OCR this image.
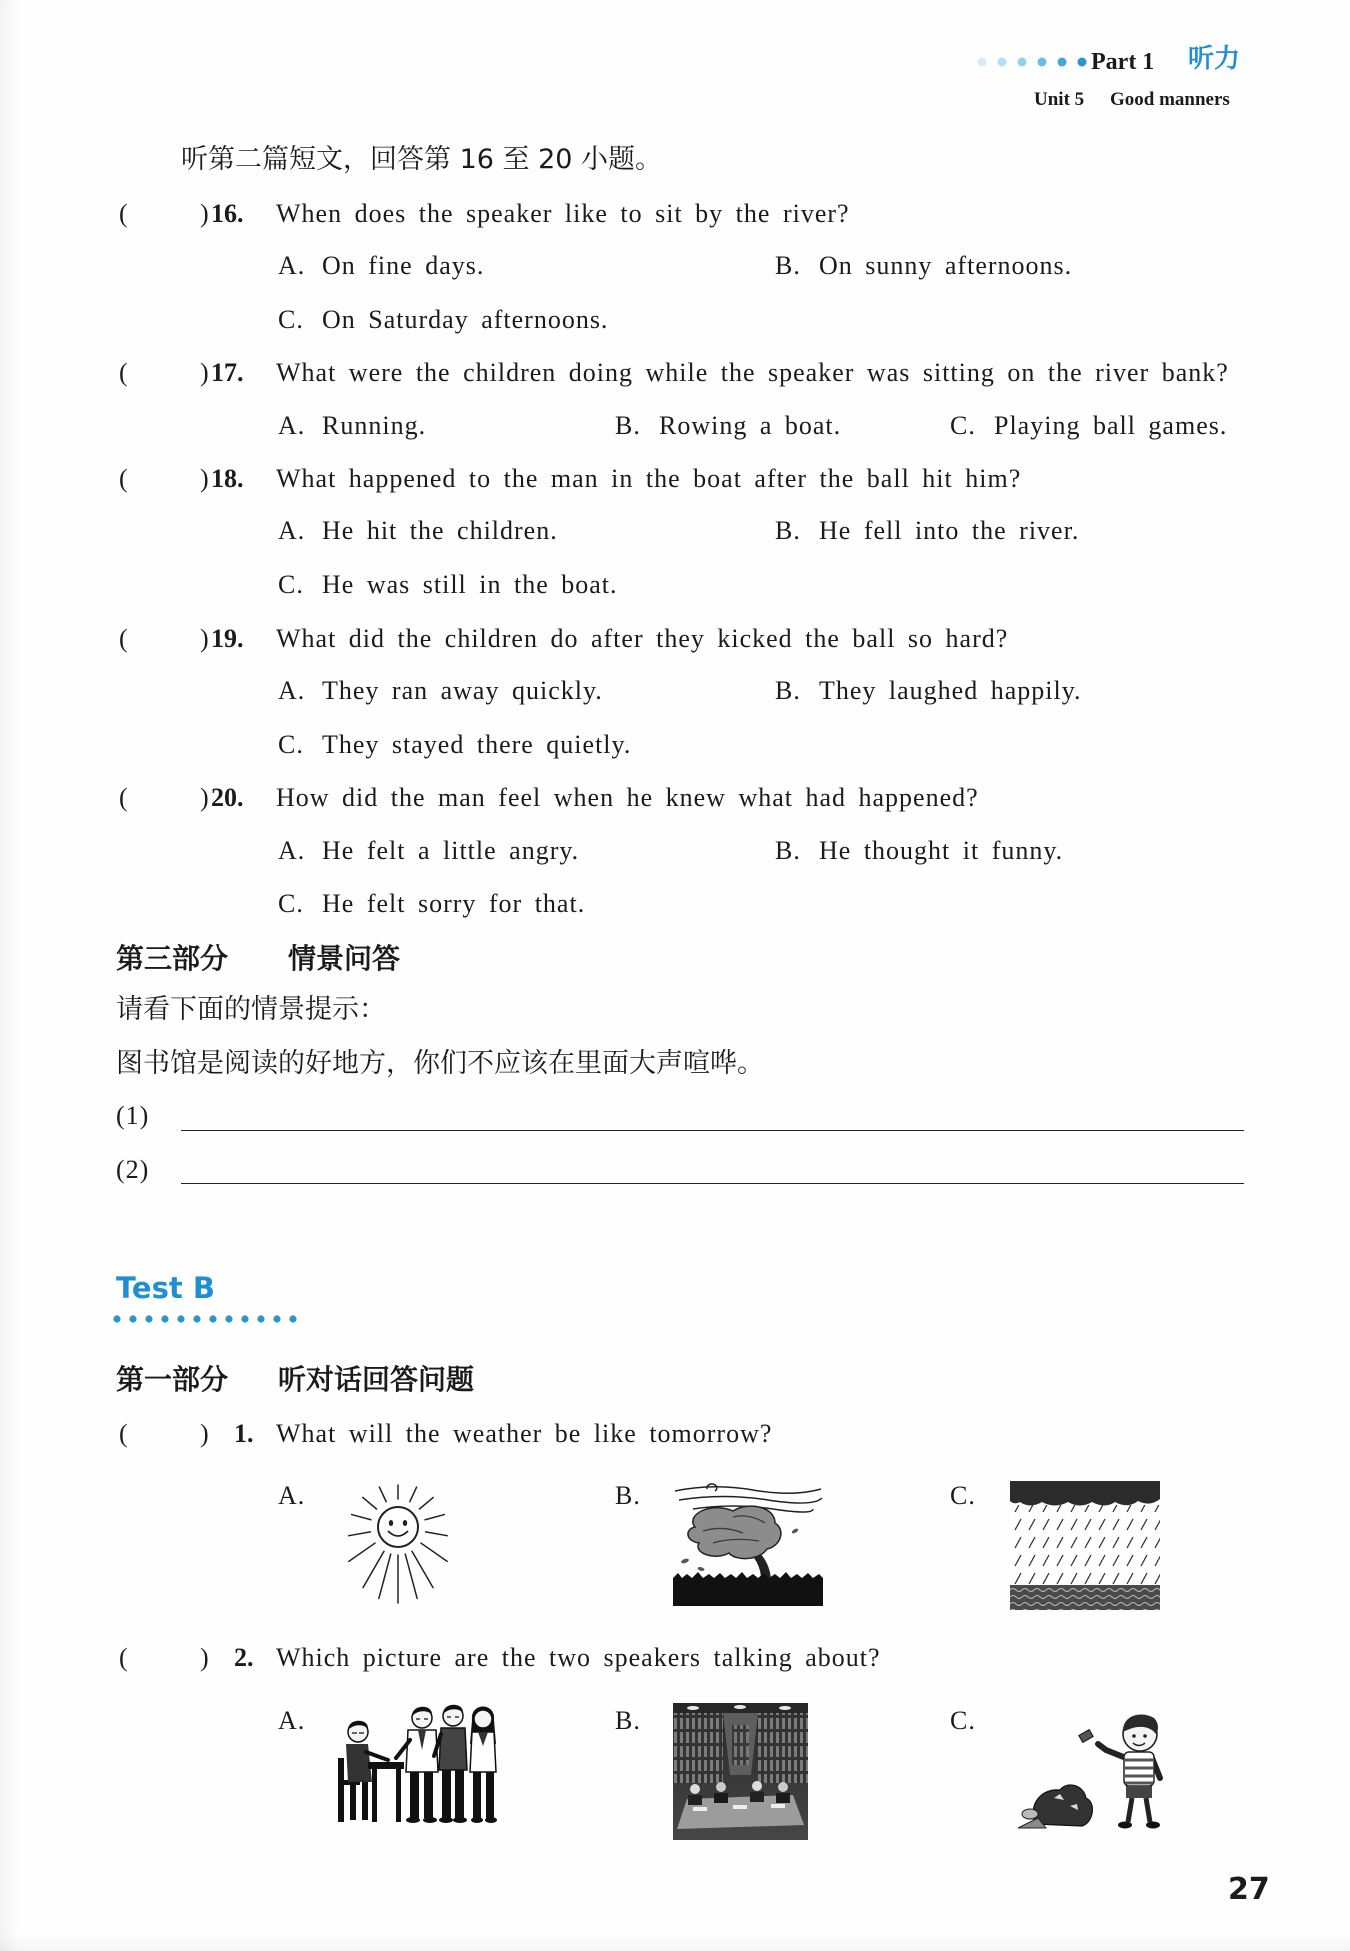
Part 1 听力
Unit 5 Good manners
听第二篇短文，回答第 16 至 20 小题。
(	) 16. When does the speaker like to sit by the river?
A. On fine days.	B. On sunny afternoons.
C. On Saturday afternoons.
(	) 17. What were the children doing while the speaker was sitting on the river bank?
A. Running.	B. Rowing a boat.	C. Playing ball games.
(	) 18. What happened to the man in the boat after the ball hit him?
A. He hit the children.	B. He fell into the river.
C. He was still in the boat.
(	) 19. What did the children do after they kicked the ball so hard?
A. They ran away quickly.	B. They laughed happily.
C. They stayed there quietly.
(	) 20. How did the man feel when he knew what had happened?
A. He felt a little angry.	B. He thought it funny.
C. He felt sorry for that.
第三部分 情景问答
请看下面的情景提示：
图书馆是阅读的好地方，你们不应该在里面大声喧哗。
(1)
(2)
Test B
第一部分 听对话回答问题
(	) 1. What will the weather be like tomorrow?
A.	B.	C.
(	) 2. Which picture are the two speakers talking about?
A.	B.	C.
27
